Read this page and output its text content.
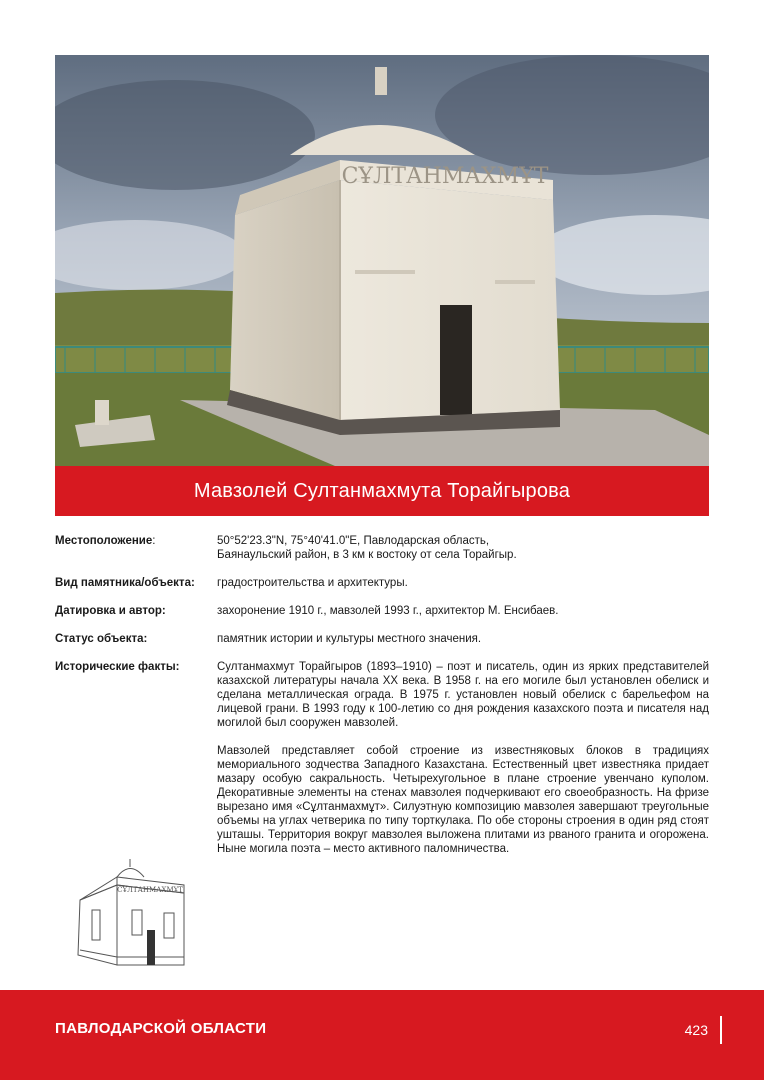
СҰЛТАНМАХМҰТ
Мавзолей Султанмахмута Торайгырова
Местоположение:	50°52'23.3"N, 75°40'41.0"E, Павлодарская область,
Баянаульский район, в 3 км к востоку от села Торайгыр.
Вид памятника/объекта:	градостроительства и архитектуры.
Датировка и автор:	захоронение 1910 г., мавзолей 1993 г., архитектор М. Енсибаев.
Статус объекта:	памятник истории и культуры местного значения.
Исторические факты:	Султанмахмут Торайгыров (1893–1910) – поэт и писатель, один из ярких представителей казахской литературы начала XX века. В 1958 г. на его могиле был установлен обелиск и сделана металлическая ограда. В 1975 г. установлен новый обелиск с барельефом на лицевой грани. В 1993 году к 100-летию со дня рождения казахского поэта и писателя над могилой был сооружен мавзолей.

Мавзолей представляет собой строение из известняковых блоков в традициях мемориального зодчества Западного Казахстана. Естественный цвет известняка придает мазару особую сакральность. Четырехугольное в плане строение увенчано куполом. Декоративные элементы на стенах мавзолея подчеркивают его своеобразность. На фризе вырезано имя «Сұлтанмахмұт». Силуэтную композицию мавзолея завершают треугольные объемы на углах четверика по типу торткулака. По обе стороны строения в один ряд стоят ушташы. Территория вокруг мавзолея выложена плитами из рваного гранита и огорожена. Ныне могила поэта – место активного паломничества.

СҰЛТАНМАХМҰТ
ПАВЛОДАРСКОЙ ОБЛАСТИ	423
